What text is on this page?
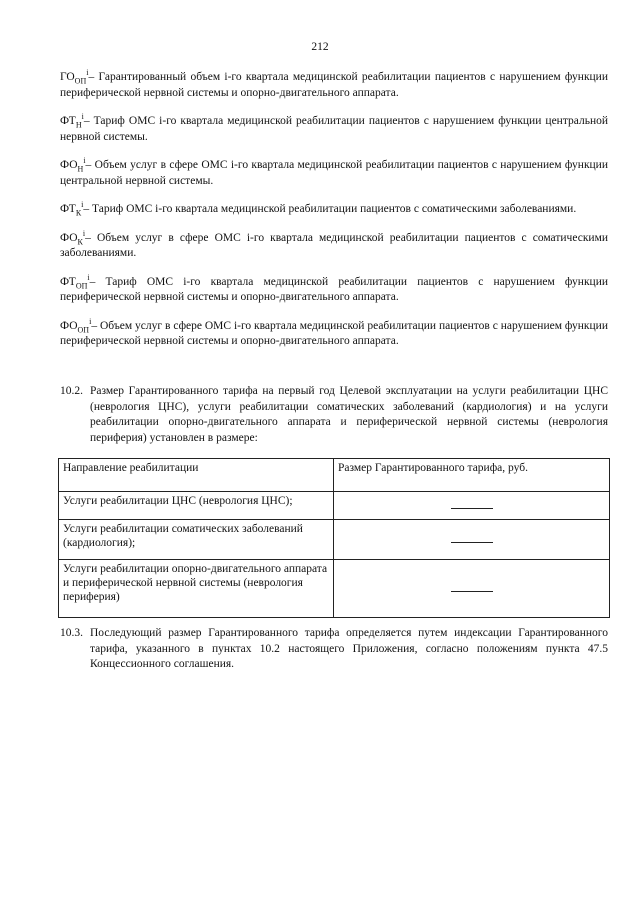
212

$ГО_{ОП}^i-$ Гарантированный объем i-го квартала медицинской реабилитации пациентов с нарушением функции периферической нервной системы и опорно-двигательного аппарата.

$ФТ_Н^i-$ Тариф ОМС i-го квартала медицинской реабилитации пациентов с нарушением функции центральной нервной системы.

$ФО_Н^i-$ Объем услуг в сфере ОМС i-го квартала медицинской реабилитации пациентов с нарушением функции центральной нервной системы.

$ФТ_К^i-$ Тариф ОМС i-го квартала медицинской реабилитации пациентов с соматическими заболеваниями.

$ФО_К^i-$ Объем услуг в сфере ОМС i-го квартала медицинской реабилитации пациентов с соматическими заболеваниями.

$ФТ_{ОП}^i-$ Тариф ОМС i-го квартала медицинской реабилитации пациентов с нарушением функции периферической нервной системы и опорно-двигательного аппарата.

$ФО_{ОП}^i-$ Объем услуг в сфере ОМС i-го квартала медицинской реабилитации пациентов с нарушением функции периферической нервной системы и опорно-двигательного аппарата.

10.2. Размер Гарантированного тарифа на первый год Целевой эксплуатации на услуги реабилитации ЦНС (неврология ЦНС), услуги реабилитации соматических заболеваний (кардиология) и на услуги реабилитации опорно-двигательного аппарата и периферической нервной системы (неврология периферия) установлен в размере:
Направление реабилитации	Размер Гарантированного тарифа, руб.
Услуги реабилитации ЦНС (неврология ЦНС);	
Услуги реабилитации соматических заболеваний (кардиология);	
Услуги реабилитации опорно-двигательного аппарата и периферической нервной системы (неврология периферия)	
10.3. Последующий размер Гарантированного тарифа определяется путем индексации Гарантированного тарифа, указанного в пунктах 10.2 настоящего Приложения, согласно положениям пункта 47.5 Концессионного соглашения.
